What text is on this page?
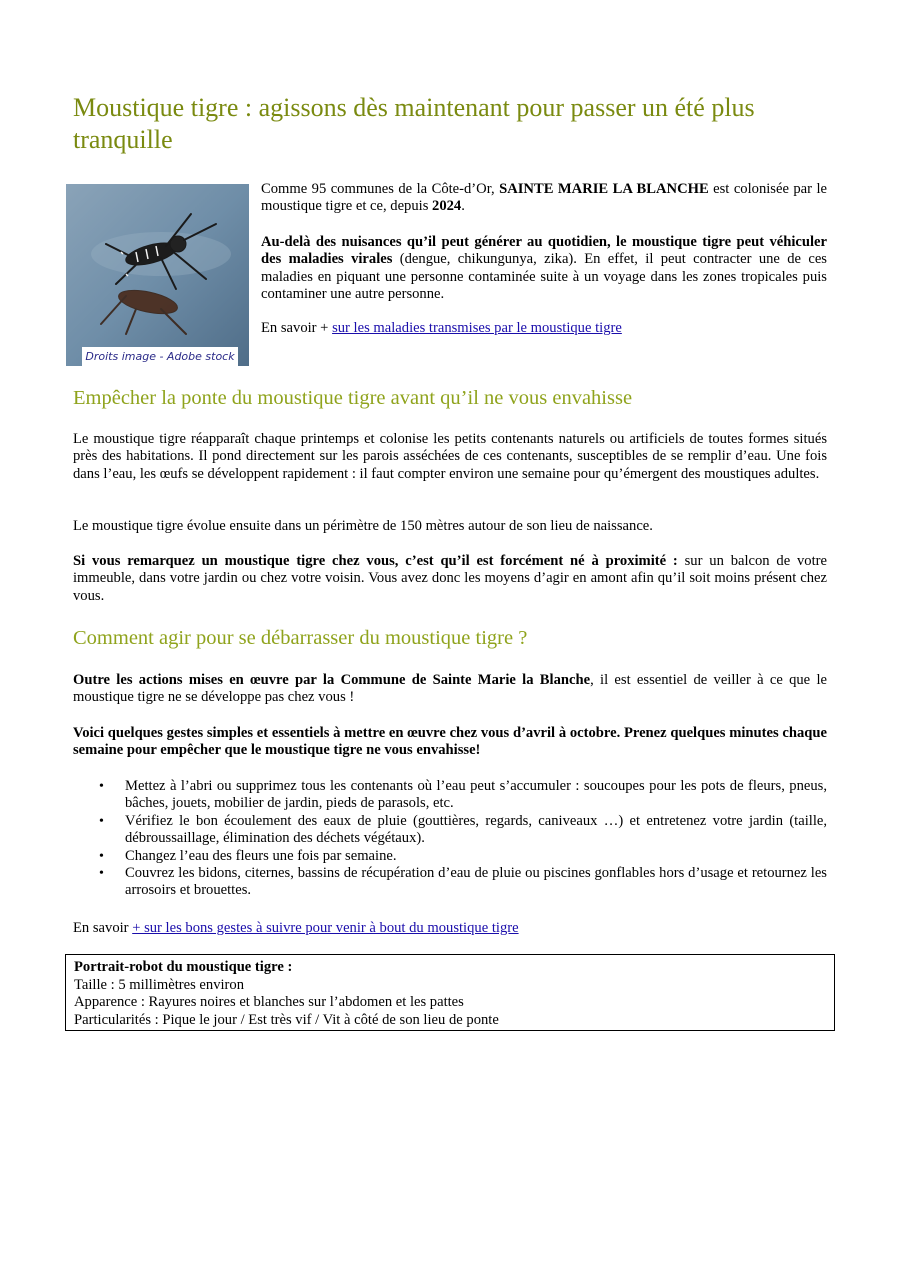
Moustique tigre : agissons dès maintenant pour passer un été plus tranquille
Droits image - Adobe stock

Comme 95 communes de la Côte-d’Or, SAINTE MARIE LA BLANCHE est colonisée par le moustique tigre et ce, depuis 2024.

Au-delà des nuisances qu’il peut générer au quotidien, le moustique tigre peut véhiculer des maladies virales (dengue, chikungunya, zika). En effet, il peut contracter une de ces maladies en piquant une personne contaminée suite à un voyage dans les zones tropicales puis contaminer une autre personne.

En savoir + sur les maladies transmises par le moustique tigre

Empêcher la ponte du moustique tigre avant qu’il ne vous envahisse

Le moustique tigre réapparaît chaque printemps et colonise les petits contenants naturels ou artificiels de toutes formes situés près des habitations. Il pond directement sur les parois asséchées de ces contenants, susceptibles de se remplir d’eau. Une fois dans l’eau, les œufs se développent rapidement : il faut compter environ une semaine pour qu’émergent des moustiques adultes.

Le moustique tigre évolue ensuite dans un périmètre de 150 mètres autour de son lieu de naissance.

Si vous remarquez un moustique tigre chez vous, c’est qu’il est forcément né à proximité : sur un balcon de votre immeuble, dans votre jardin ou chez votre voisin. Vous avez donc les moyens d’agir en amont afin qu’il soit moins présent chez vous.

Comment agir pour se débarrasser du moustique tigre ?

Outre les actions mises en œuvre par la Commune de Sainte Marie la Blanche, il est essentiel de veiller à ce que le moustique tigre ne se développe pas chez vous !

Voici quelques gestes simples et essentiels à mettre en œuvre chez vous d’avril à octobre. Prenez quelques minutes chaque semaine pour empêcher que le moustique tigre ne vous envahisse!

• Mettez à l’abri ou supprimez tous les contenants où l’eau peut s’accumuler : soucoupes pour les pots de fleurs, pneus, bâches, jouets, mobilier de jardin, pieds de parasols, etc.
• Vérifiez le bon écoulement des eaux de pluie (gouttières, regards, caniveaux …) et entretenez votre jardin (taille, débroussaillage, élimination des déchets végétaux).
• Changez l’eau des fleurs une fois par semaine.
• Couvrez les bidons, citernes, bassins de récupération d’eau de pluie ou piscines gonflables hors d’usage et retournez les arrosoirs et brouettes.

En savoir + sur les bons gestes à suivre pour venir à bout du moustique tigre

Portrait-robot du moustique tigre :

Taille : 5 millimètres environ

Apparence : Rayures noires et blanches sur l’abdomen et les pattes

Particularités : Pique le jour / Est très vif / Vit à côté de son lieu de ponte
